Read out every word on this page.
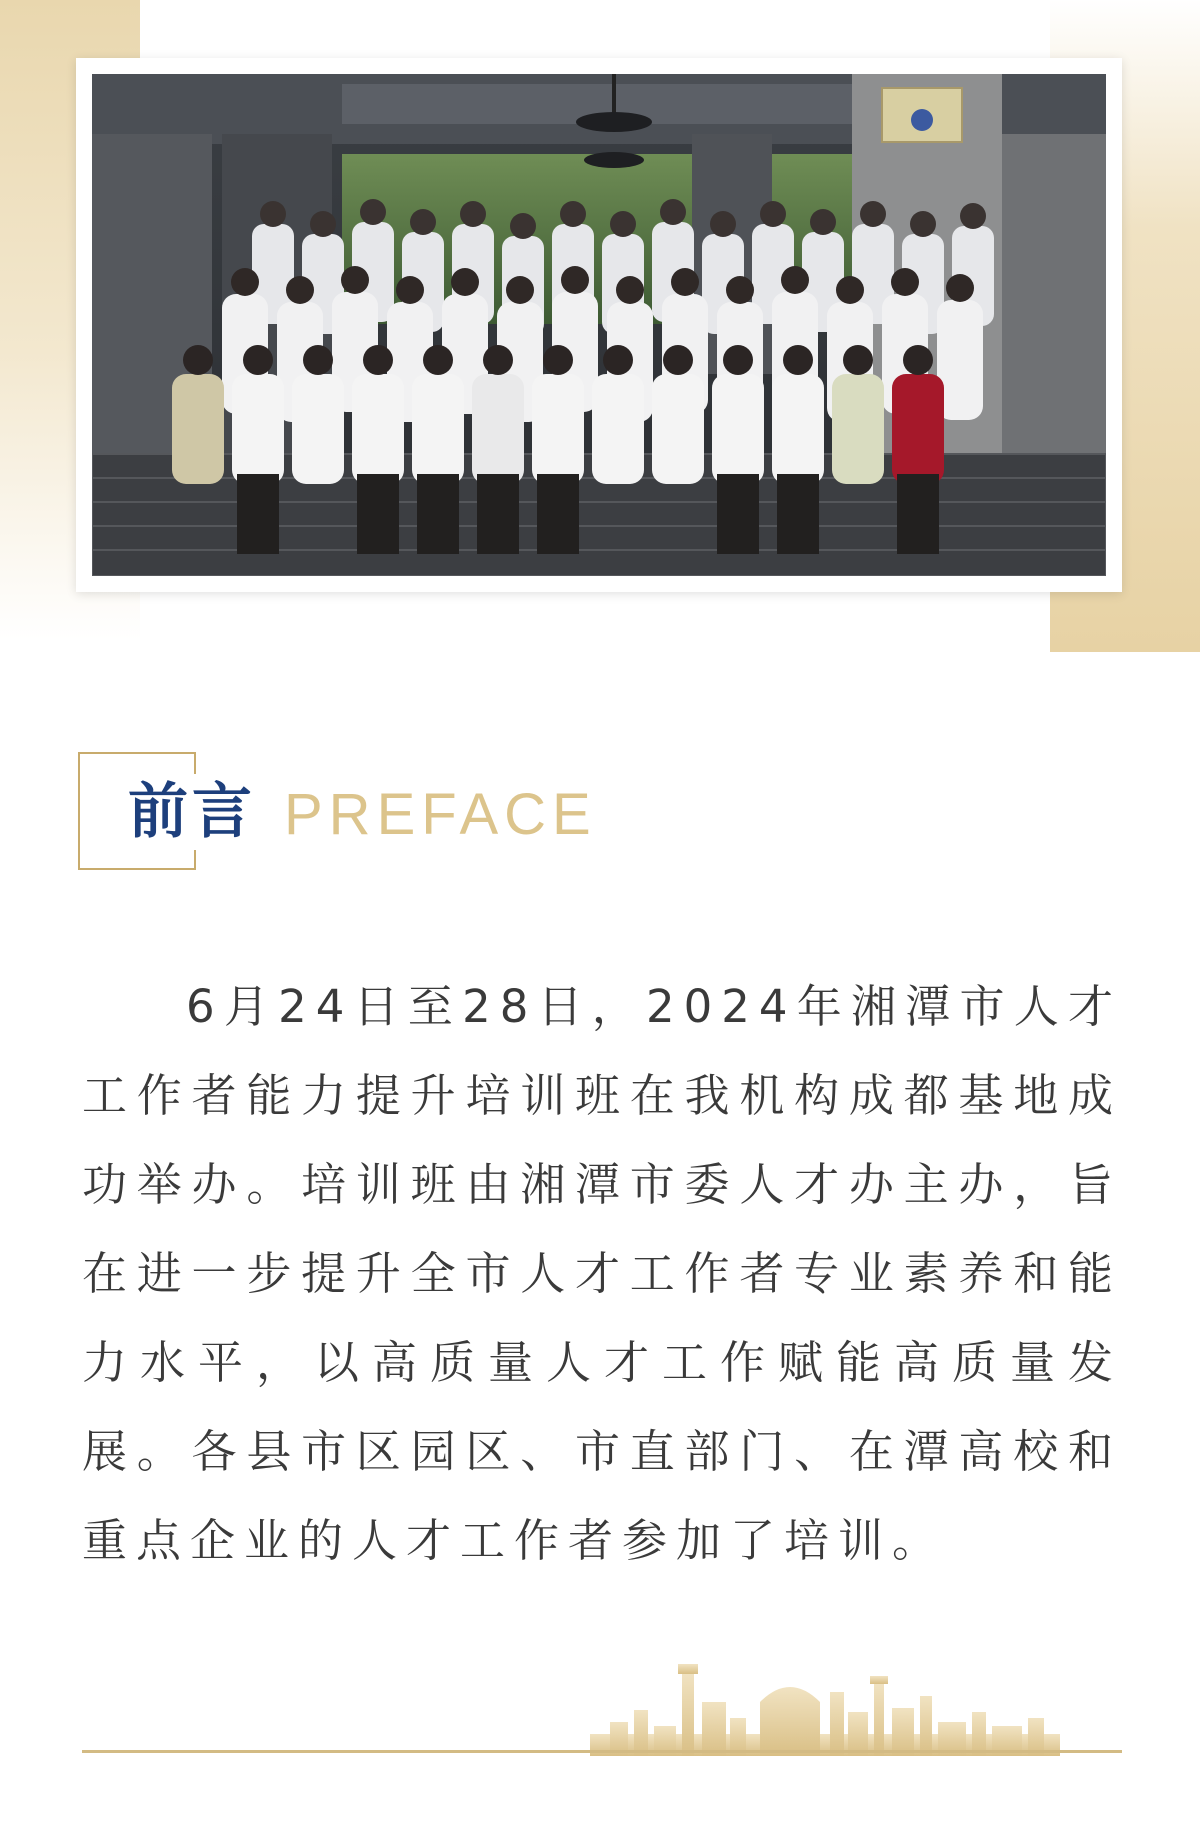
前言 PREFACE

6月24日至28日，2024年湘潭市人才工作者能力提升培训班在我机构成都基地成功举办。培训班由湘潭市委人才办主办，旨在进一步提升全市人才工作者专业素养和能力水平，以高质量人才工作赋能高质量发展。各县市区园区、市直部门、在潭高校和重点企业的人才工作者参加了培训。
